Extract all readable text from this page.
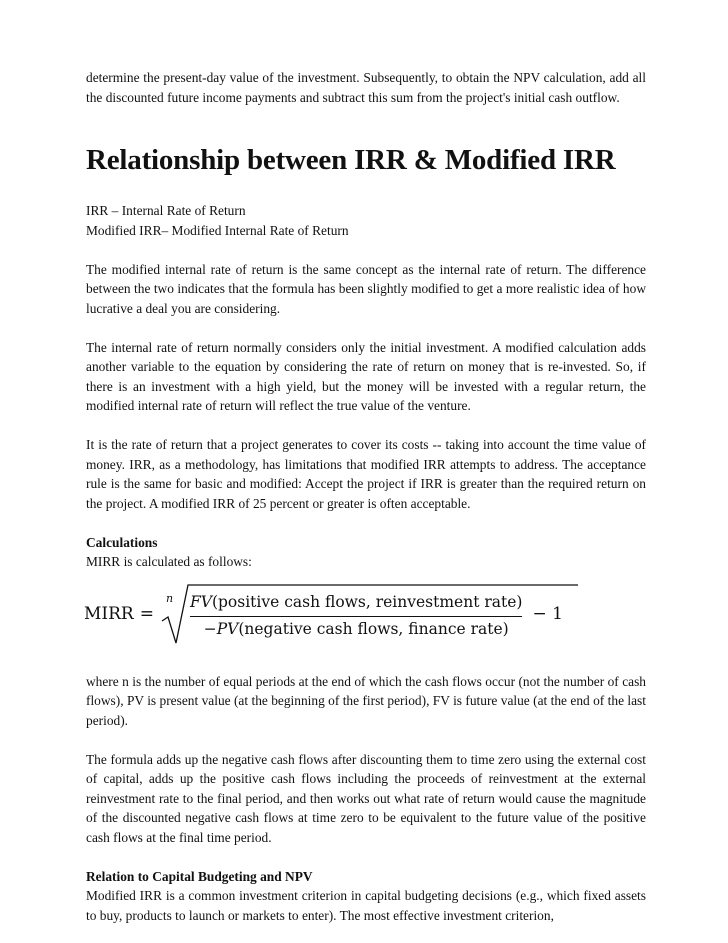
determine the present-day value of the investment. Subsequently, to obtain the NPV calculation, add all the discounted future income payments and subtract this sum from the project's initial cash outflow.

Relationship between IRR & Modified IRR
IRR – Internal Rate of Return
Modified IRR– Modified Internal Rate of Return

The modified internal rate of return is the same concept as the internal rate of return. The difference between the two indicates that the formula has been slightly modified to get a more realistic idea of how lucrative a deal you are considering.

The internal rate of return normally considers only the initial investment. A modified calculation adds another variable to the equation by considering the rate of return on money that is re-invested. So, if there is an investment with a high yield, but the money will be invested with a regular return, the modified internal rate of return will reflect the true value of the venture.

It is the rate of return that a project generates to cover its costs -- taking into account the time value of money. IRR, as a methodology, has limitations that modified IRR attempts to address. The acceptance rule is the same for basic and modified: Accept the project if IRR is greater than the required return on the project. A modified IRR of 25 percent or greater is often acceptable.

Calculations
MIRR is calculated as follows:
MIRR =
n $\frac{\text{FV(positive cash flows, reinvestment rate)}}{\text{−PV(negative cash flows, finance rate)}} - 1$

where n is the number of equal periods at the end of which the cash flows occur (not the number of cash flows), PV is present value (at the beginning of the first period), FV is future value (at the end of the last period).

The formula adds up the negative cash flows after discounting them to time zero using the external cost of capital, adds up the positive cash flows including the proceeds of reinvestment at the external reinvestment rate to the final period, and then works out what rate of return would cause the magnitude of the discounted negative cash flows at time zero to be equivalent to the future value of the positive cash flows at the final time period.

Relation to Capital Budgeting and NPV
Modified IRR is a common investment criterion in capital budgeting decisions (e.g., which fixed assets to buy, products to launch or markets to enter). The most effective investment criterion,
